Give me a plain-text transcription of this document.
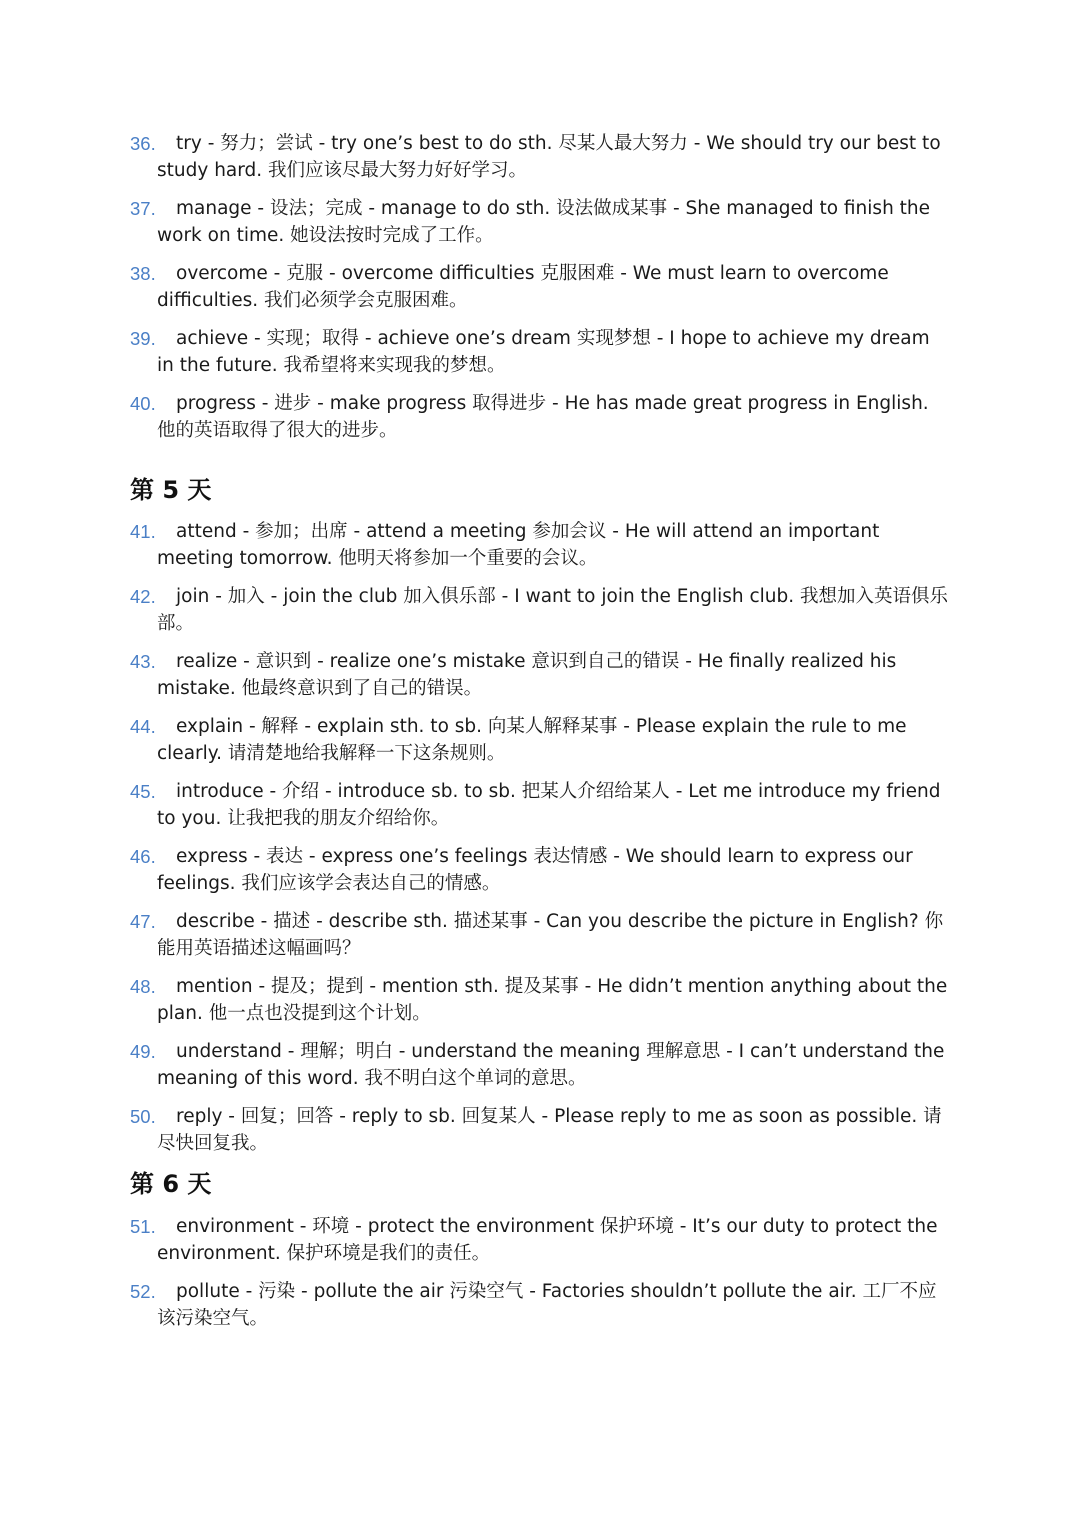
36.	try - 努力；尝试 - try one’s best to do sth. 尽某人最大努力 - We should try our best to study hard. 我们应该尽最大努力好好学习。
37.	manage - 设法；完成 - manage to do sth. 设法做成某事 - She managed to finish the work on time. 她设法按时完成了工作。
38.	overcome - 克服 - overcome difficulties 克服困难 - We must learn to overcome difficulties. 我们必须学会克服困难。
39.	achieve - 实现；取得 - achieve one’s dream 实现梦想 - I hope to achieve my dream in the future. 我希望将来实现我的梦想。
40.	progress - 进步 - make progress 取得进步 - He has made great progress in English. 他的英语取得了很大的进步。
第 5 天
41.	attend - 参加；出席 - attend a meeting 参加会议 - He will attend an important meeting tomorrow. 他明天将参加一个重要的会议。
42.	join - 加入 - join the club 加入俱乐部 - I want to join the English club. 我想加入英语俱乐部。
43.	realize - 意识到 - realize one’s mistake 意识到自己的错误 - He finally realized his mistake. 他最终意识到了自己的错误。
44.	explain - 解释 - explain sth. to sb. 向某人解释某事 - Please explain the rule to me clearly. 请清楚地给我解释一下这条规则。
45.	introduce - 介绍 - introduce sb. to sb. 把某人介绍给某人 - Let me introduce my friend to you. 让我把我的朋友介绍给你。
46.	express - 表达 - express one’s feelings 表达情感 - We should learn to express our feelings. 我们应该学会表达自己的情感。
47.	describe - 描述 - describe sth. 描述某事 - Can you describe the picture in English? 你能用英语描述这幅画吗？
48.	mention - 提及；提到 - mention sth. 提及某事 - He didn’t mention anything about the plan. 他一点也没提到这个计划。
49.	understand - 理解；明白 - understand the meaning 理解意思 - I can’t understand the meaning of this word. 我不明白这个单词的意思。
50.	reply - 回复；回答 - reply to sb. 回复某人 - Please reply to me as soon as possible. 请尽快回复我。
第 6 天
51.	environment - 环境 - protect the environment 保护环境 - It’s our duty to protect the environment. 保护环境是我们的责任。
52.	pollute - 污染 - pollute the air 污染空气 - Factories shouldn’t pollute the air. 工厂不应该污染空气。
